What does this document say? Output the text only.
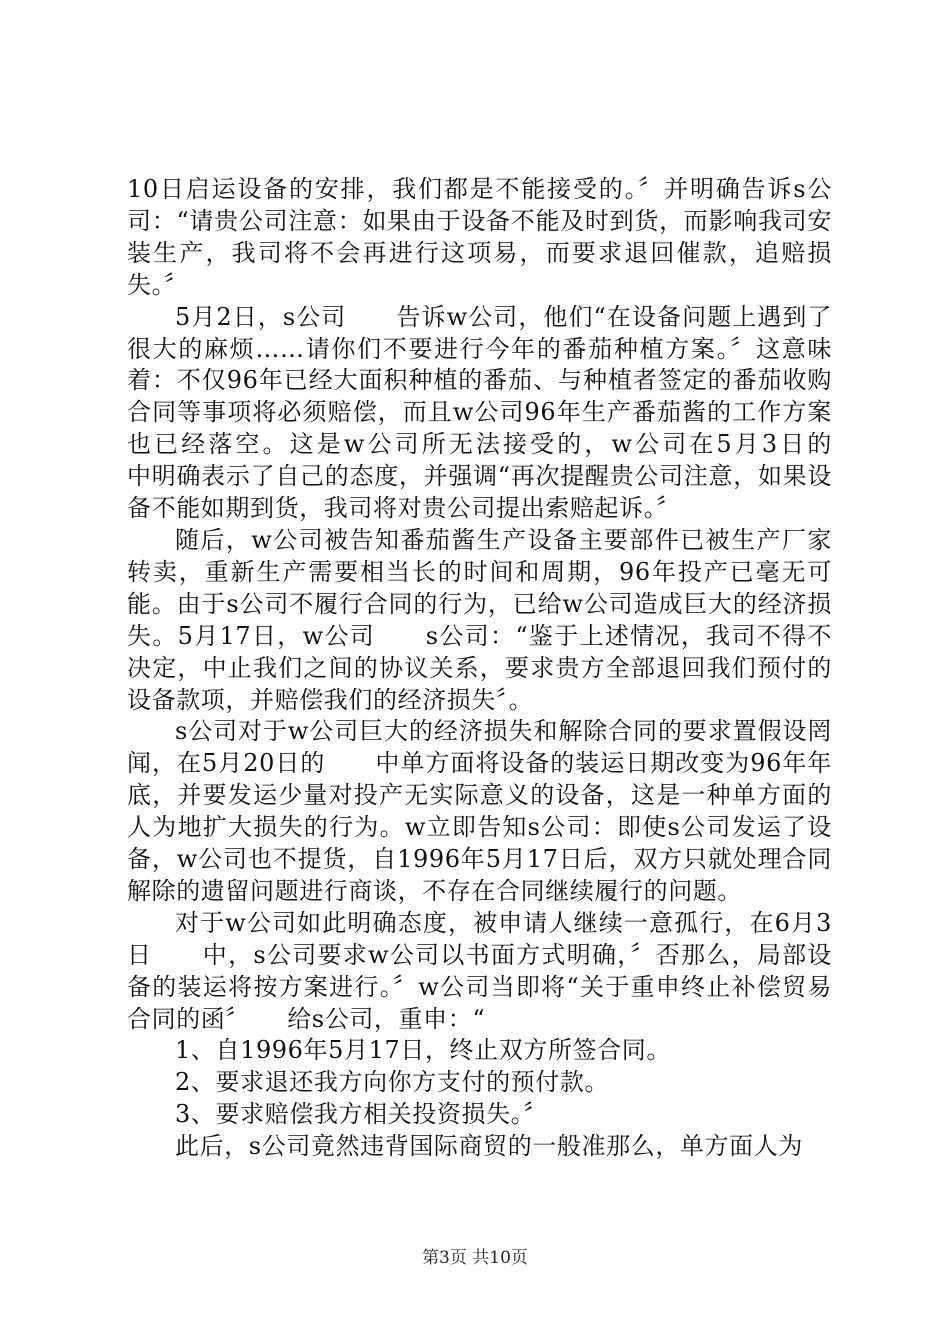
10日启运设备的安排，我们都是不能接受的。〞并明确告诉s公司：“请贵公司注意：如果由于设备不能及时到货，而影响我司安装生产，我司将不会再进行这项易，而要求退回催款，追赔损失。〞

5月2日，s公司　　告诉w公司，他们“在设备问题上遇到了很大的麻烦……请你们不要进行今年的番茄种植方案。〞这意味着：不仅96年已经大面积种植的番茄、与种植者签定的番茄收购合同等事项将必须赔偿，而且w公司96年生产番茄酱的工作方案也已经落空。这是w公司所无法接受的，w公司在5月3日的　　中明确表示了自己的态度，并强调“再次提醒贵公司注意，如果设备不能如期到货，我司将对贵公司提出索赔起诉。〞

随后，w公司被告知番茄酱生产设备主要部件已被生产厂家转卖，重新生产需要相当长的时间和周期，96年投产已毫无可能。由于s公司不履行合同的行为，已给w公司造成巨大的经济损失。5月17日，w公司　　s公司：“鉴于上述情况，我司不得不决定，中止我们之间的协议关系，要求贵方全部退回我们预付的设备款项，并赔偿我们的经济损失〞。

s公司对于w公司巨大的经济损失和解除合同的要求置假设罔闻，在5月20日的　　中单方面将设备的装运日期改变为96年年底，并要发运少量对投产无实际意义的设备，这是一种单方面的人为地扩大损失的行为。w立即告知s公司：即使s公司发运了设备，w公司也不提货，自1996年5月17日后，双方只就处理合同解除的遗留问题进行商谈，不存在合同继续履行的问题。

对于w公司如此明确态度，被申请人继续一意孤行，在6月3日　　中，s公司要求w公司以书面方式明确，〞否那么，局部设备的装运将按方案进行。〞w公司当即将“关于重申终止补偿贸易合同的函〞　　给s公司，重申：“

1、自1996年5月17日，终止双方所签合同。

2、要求退还我方向你方支付的预付款。

3、要求赔偿我方相关投资损失。〞

此后，s公司竟然违背国际商贸的一般准那么，单方面人为

第3页 共10页
